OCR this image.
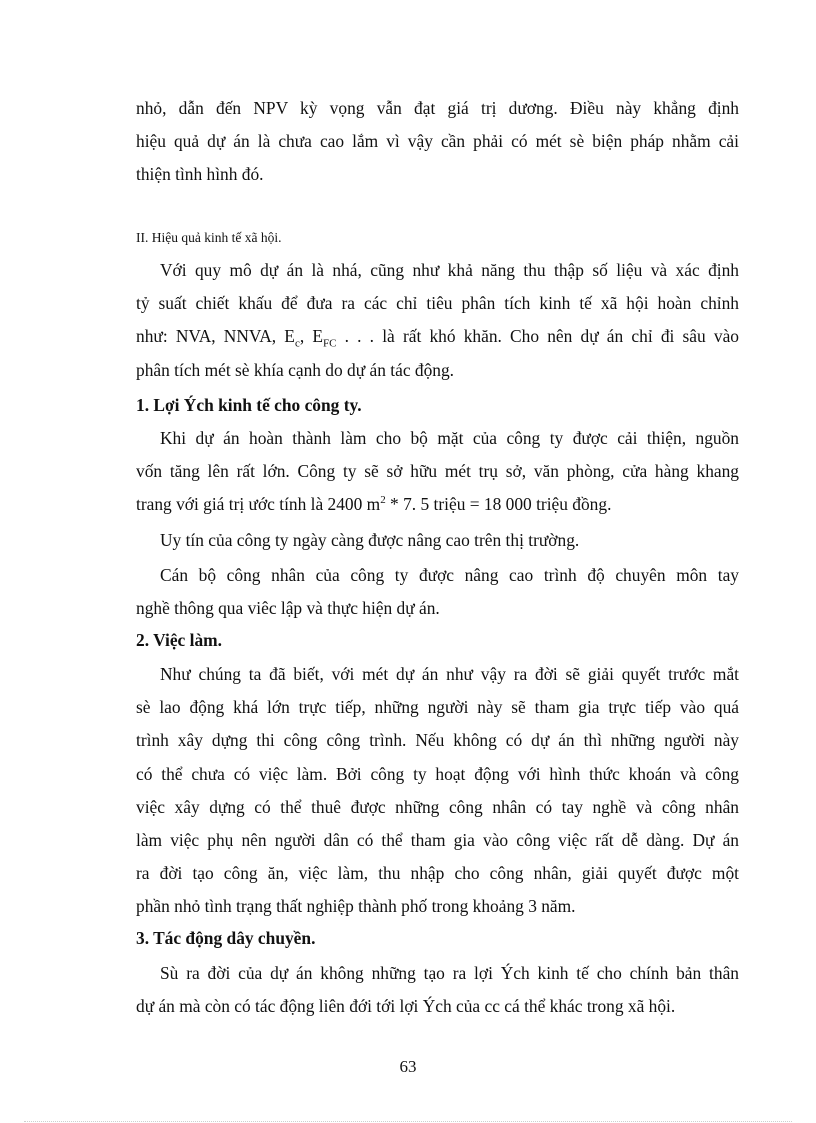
nhỏ, dẫn đến NPV kỳ vọng vẫn đạt giá trị dương. Điều này khẳng định
hiệu quả dự án là chưa cao lắm vì vậy cần phải có mét sè biện pháp nhằm cải
thiện tình hình đó.

II. Hiệu quả kinh tế xã hội.

Với quy mô dự án là nhá, cũng như khả năng thu thập số liệu và xác định
tỷ suất chiết khấu để đưa ra các chỉ tiêu phân tích kinh tế xã hội hoàn chỉnh
như: NVA, NNVA, $E_c$, $E_{FC}$ . . . là rất khó khăn. Cho nên dự án chỉ đi sâu vào
phân tích mét sè khía cạnh do dự án tác động.

1. Lợi Ých kinh tế cho công ty.

Khi dự án hoàn thành làm cho bộ mặt của công ty được cải thiện, nguồn
vốn tăng lên rất lớn. Công ty sẽ sở hữu mét trụ sở, văn phòng, cửa hàng khang
trang với giá trị ước tính là 2400 $m^2 * 7$. 5 triệu = 18 000 triệu đồng.

Uy tín của công ty ngày càng được nâng cao trên thị trường.

Cán bộ công nhân của công ty được nâng cao trình độ chuyên môn tay
nghề thông qua viêc lập và thực hiện dự án.

2. Việc làm.

Như chúng ta đã biết, với mét dự án như vậy ra đời sẽ giải quyết trước mắt
sè lao động khá lớn trực tiếp, những người này sẽ tham gia trực tiếp vào quá
trình xây dựng thi công công trình. Nếu không có dự án thì những người này
có thể chưa có việc làm. Bởi công ty hoạt động với hình thức khoán và công
việc xây dựng có thể thuê được những công nhân có tay nghề và công nhân
làm việc phụ nên người dân có thể tham gia vào công việc rất dễ dàng. Dự án
ra đời tạo công ăn, việc làm, thu nhập cho công nhân, giải quyết được một
phần nhỏ tình trạng thất nghiệp thành phố trong khoảng 3 năm.

3. Tác động dây chuyền.

Sù ra đời của dự án không những tạo ra lợi Ých kinh tế cho chính bản thân
dự án mà còn có tác động liên đới tới lợi Ých của cc cá thể khác trong xã hội.

63
